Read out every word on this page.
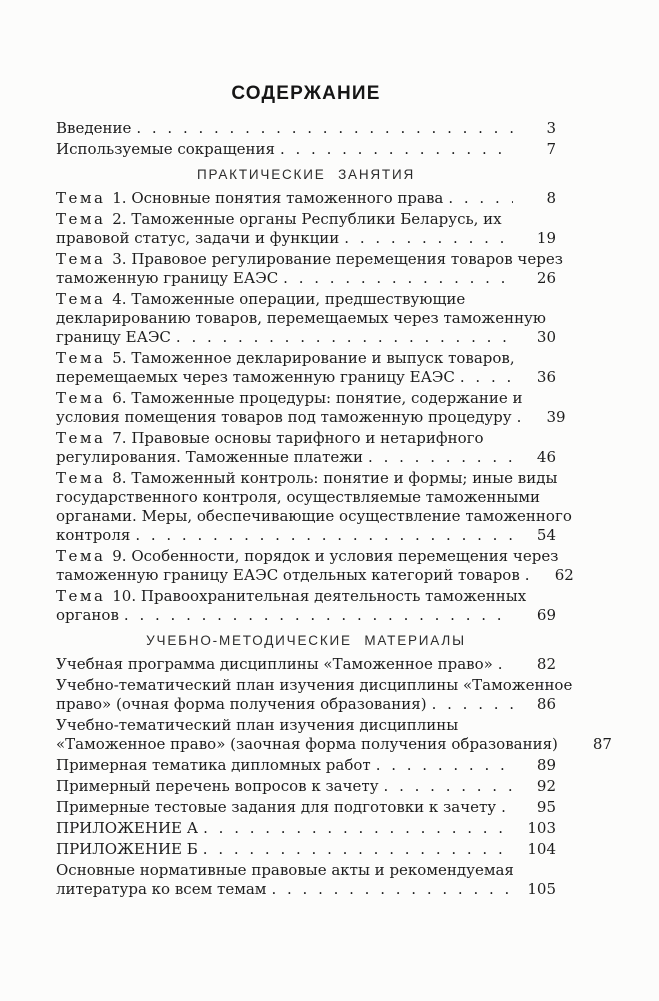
СОДЕРЖАНИЕ
Введение . . .	3
Используемые сокращения . . .	7
ПРАКТИЧЕСКИЕ ЗАНЯТИЯ
Тема 1. Основные понятия таможенного права . . .	8
Тема 2. Таможенные органы Республики Беларусь, их
правовой статус, задачи и функции . . .	19
Тема 3. Правовое регулирование перемещения товаров через
таможенную границу ЕАЭС . . .	26
Тема 4. Таможенные операции, предшествующие
декларированию товаров, перемещаемых через таможенную
границу ЕАЭС . . .	30
Тема 5. Таможенное декларирование и выпуск товаров,
перемещаемых через таможенную границу ЕАЭС . . .	36
Тема 6. Таможенные процедуры: понятие, содержание и
условия помещения товаров под таможенную процедуру . . .	39
Тема 7. Правовые основы тарифного и нетарифного
регулирования. Таможенные платежи . . .	46
Тема 8. Таможенный контроль: понятие и формы; иные виды
государственного контроля, осуществляемые таможенными
органами. Меры, обеспечивающие осуществление таможенного
контроля . . .	54
Тема 9. Особенности, порядок и условия перемещения через
таможенную границу ЕАЭС отдельных категорий товаров . . .	62
Тема 10. Правоохранительная деятельность таможенных
органов . . .	69
УЧЕБНО-МЕТОДИЧЕСКИЕ МАТЕРИАЛЫ
Учебная программа дисциплины «Таможенное право» . . .	82
Учебно-тематический план изучения дисциплины «Таможенное
право» (очная форма получения образования) . . .	86
Учебно-тематический план изучения дисциплины
«Таможенное право» (заочная форма получения образования)	87
Примерная тематика дипломных работ . . .	89
Примерный перечень вопросов к зачету . . .	92
Примерные тестовые задания для подготовки к зачету . . .	95
ПРИЛОЖЕНИЕ А . . .	103
ПРИЛОЖЕНИЕ Б . . .	104
Основные нормативные правовые акты и рекомендуемая
литература ко всем темам . . .	105
